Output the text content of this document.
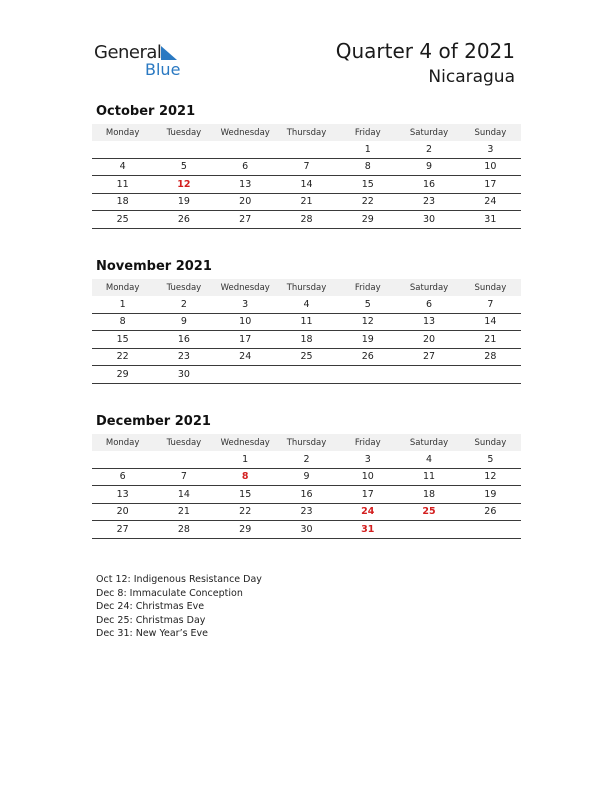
General
Blue
Quarter 4 of 2021
Nicaragua
October 2021
Monday	Tuesday	Wednesday	Thursday	Friday	Saturday	Sunday
				1	2	3
4	5	6	7	8	9	10
11	12	13	14	15	16	17
18	19	20	21	22	23	24
25	26	27	28	29	30	31
November 2021
Monday	Tuesday	Wednesday	Thursday	Friday	Saturday	Sunday
1	2	3	4	5	6	7
8	9	10	11	12	13	14
15	16	17	18	19	20	21
22	23	24	25	26	27	28
29	30					
December 2021
Monday	Tuesday	Wednesday	Thursday	Friday	Saturday	Sunday
		1	2	3	4	5
6	7	8	9	10	11	12
13	14	15	16	17	18	19
20	21	22	23	24	25	26
27	28	29	30	31		
Oct 12: Indigenous Resistance Day
Dec 8: Immaculate Conception
Dec 24: Christmas Eve
Dec 25: Christmas Day
Dec 31: New Year’s Eve
